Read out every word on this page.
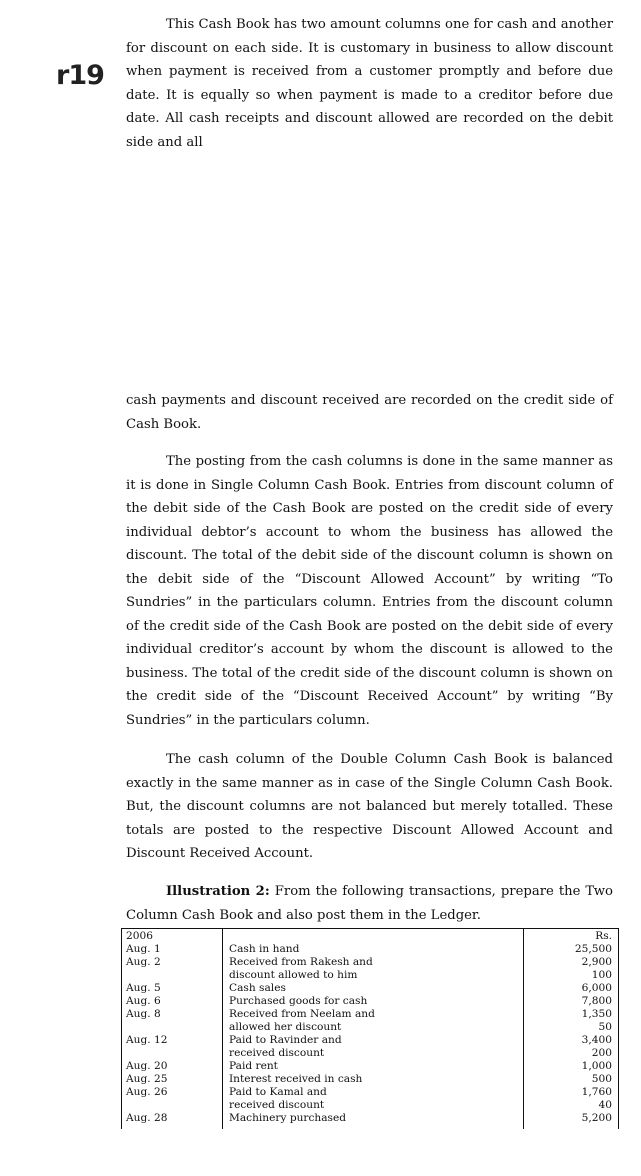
r19

This Cash Book has two amount columns one for cash and another for discount on each side. It is customary in business to allow discount when payment is received from a customer promptly and before due date. It is equally so when payment is made to a creditor before due date. All cash receipts and discount allowed are recorded on the debit side and all

cash payments and discount received are recorded on the credit side of Cash Book.

The posting from the cash columns is done in the same manner as it is done in Single Column Cash Book. Entries from discount column of the debit side of the Cash Book are posted on the credit side of every individual debtor’s account to whom the business has allowed the discount. The total of the debit side of the discount column is shown on the debit side of the “Discount Allowed Account” by writing “To Sundries” in the particulars column. Entries from the discount column of the credit side of the Cash Book are posted on the debit side of every individual creditor’s account by whom the discount is allowed to the business. The total of the credit side of the discount column is shown on the credit side of the “Discount Received Account” by writing “By Sundries” in the particulars column.

The cash column of the Double Column Cash Book is balanced exactly in the same manner as in case of the Single Column Cash Book. But, the discount columns are not balanced but merely totalled. These totals are posted to the respective Discount Allowed Account and Discount Received Account.

Illustration 2: From the following transactions, prepare the Two Column Cash Book and also post them in the Ledger.

2006
Aug. 1
Aug. 2
Aug. 5
Aug. 6
Aug. 8
Aug. 12
Aug. 20
Aug. 25
Aug. 26
Aug. 28
Cash in hand
Received from Rakesh and
discount allowed to him
Cash sales
Purchased goods for cash
Received from Neelam and
allowed her discount
Paid to Ravinder and
received discount
Paid rent
Interest received in cash
Paid to Kamal and
received discount
Machinery purchased
Rs.
25,500
2,900
100
6,000
7,800
1,350
50
3,400
200
1,000
500
1,760
40
5,200
